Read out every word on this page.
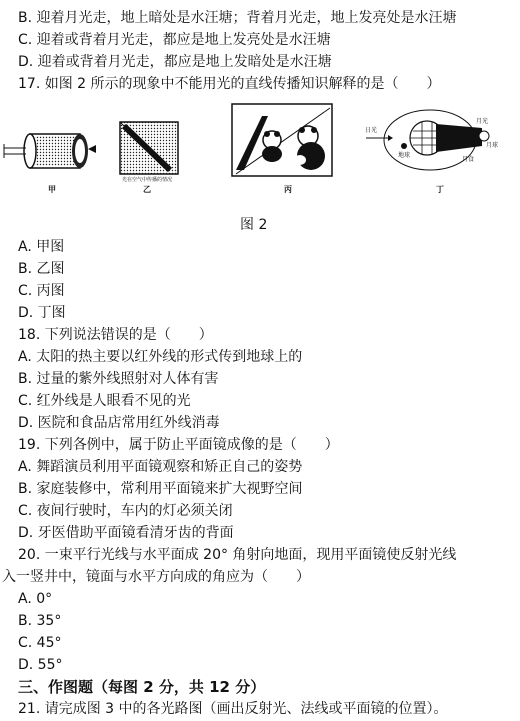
B. 迎着月光走，地上暗处是水汪塘；背着月光走，地上发亮处是水汪塘
C. 迎着或背着月光走，都应是地上发亮处是水汪塘
D. 迎着或背着月光走，都应是地上发暗处是水汪塘
17. 如图 2 所示的现象中不能用光的直线传播知识解释的是（　　）
甲	乙	丙	丁
光在空气中传播的情况
日光
月光
地球
月食
月球
图 2
A. 甲图
B. 乙图
C. 丙图
D. 丁图
18. 下列说法错误的是（　　）
A. 太阳的热主要以红外线的形式传到地球上的
B. 过量的紫外线照射对人体有害
C. 红外线是人眼看不见的光
D. 医院和食品店常用红外线消毒
19. 下列各例中，属于防止平面镜成像的是（　　）
A. 舞蹈演员利用平面镜观察和矫正自己的姿势
B. 家庭装修中，常利用平面镜来扩大视野空间
C. 夜间行驶时，车内的灯必须关闭
D. 牙医借助平面镜看清牙齿的背面
20. 一束平行光线与水平面成 20° 角射向地面，现用平面镜使反射光线
入一竖井中，镜面与水平方向成的角应为（　　）
A. 0°
B. 35°
C. 45°
D. 55°
三、作图题（每图 2 分，共 12 分）
21. 请完成图 3 中的各光路图（画出反射光、法线或平面镜的位置）。
